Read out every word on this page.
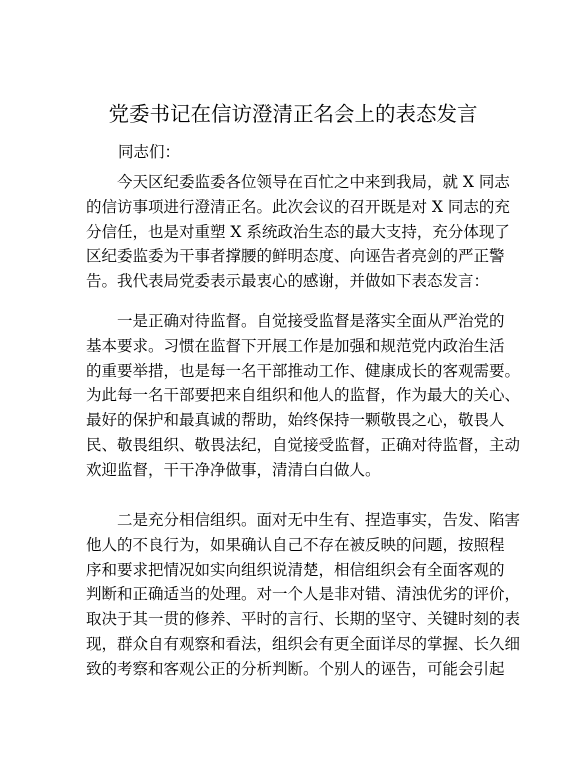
党委书记在信访澄清正名会上的表态发言
同志们：
今天区纪委监委各位领导在百忙之中来到我局，就 X 同志
的信访事项进行澄清正名。此次会议的召开既是对 X 同志的充
分信任，也是对重塑 X 系统政治生态的最大支持，充分体现了
区纪委监委为干事者撑腰的鲜明态度、向诬告者亮剑的严正警
告。我代表局党委表示最衷心的感谢，并做如下表态发言：
一是正确对待监督。自觉接受监督是落实全面从严治党的
基本要求。习惯在监督下开展工作是加强和规范党内政治生活
的重要举措，也是每一名干部推动工作、健康成长的客观需要。
为此每一名干部要把来自组织和他人的监督，作为最大的关心、
最好的保护和最真诚的帮助，始终保持一颗敬畏之心，敬畏人
民、敬畏组织、敬畏法纪，自觉接受监督，正确对待监督，主动
欢迎监督，干干净净做事，清清白白做人。
二是充分相信组织。面对无中生有、捏造事实，告发、陷害
他人的不良行为，如果确认自己不存在被反映的问题，按照程
序和要求把情况如实向组织说清楚，相信组织会有全面客观的
判断和正确适当的处理。对一个人是非对错、清浊优劣的评价，
取决于其一贯的修养、平时的言行、长期的坚守、关键时刻的表
现，群众自有观察和看法，组织会有更全面详尽的掌握、长久细
致的考察和客观公正的分析判断。个别人的诬告，可能会引起
